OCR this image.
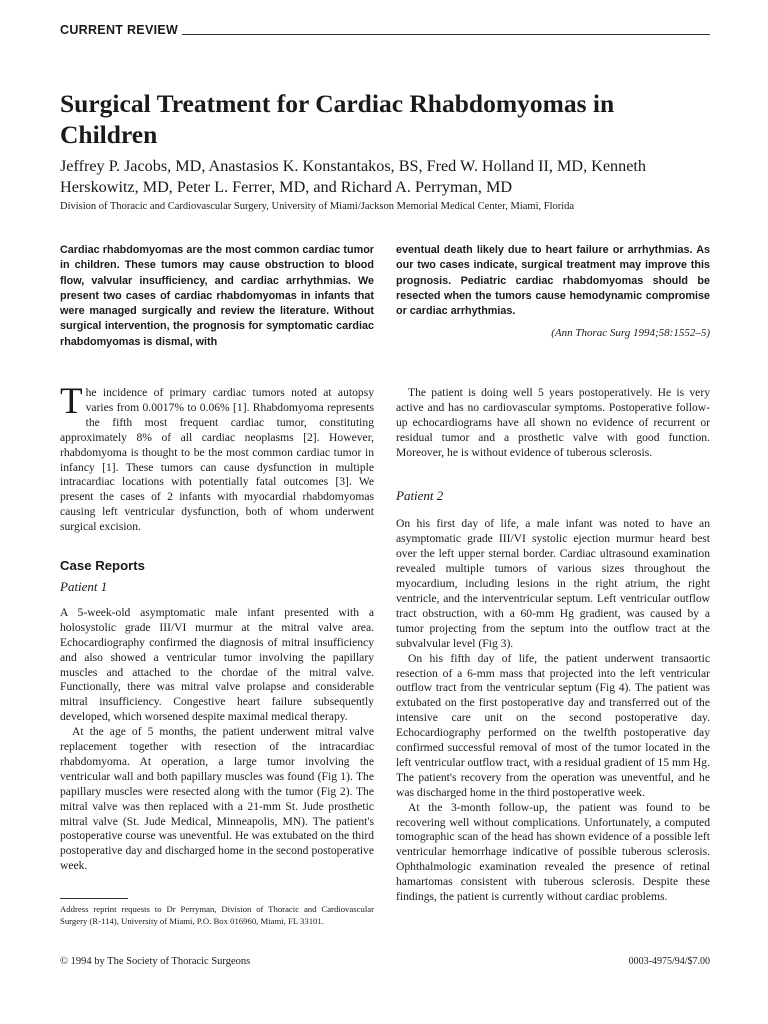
CURRENT REVIEW
Surgical Treatment for Cardiac Rhabdomyomas in Children
Jeffrey P. Jacobs, MD, Anastasios K. Konstantakos, BS, Fred W. Holland II, MD, Kenneth Herskowitz, MD, Peter L. Ferrer, MD, and Richard A. Perryman, MD
Division of Thoracic and Cardiovascular Surgery, University of Miami/Jackson Memorial Medical Center, Miami, Florida
Cardiac rhabdomyomas are the most common cardiac tumor in children. These tumors may cause obstruction to blood flow, valvular insufficiency, and cardiac arrhythmias. We present two cases of cardiac rhabdomyomas in infants that were managed surgically and review the literature. Without surgical intervention, the prognosis for symptomatic cardiac rhabdomyomas is dismal, with
eventual death likely due to heart failure or arrhythmias. As our two cases indicate, surgical treatment may improve this prognosis. Pediatric cardiac rhabdomyomas should be resected when the tumors cause hemodynamic compromise or cardiac arrhythmias.
(Ann Thorac Surg 1994;58:1552–5)

The incidence of primary cardiac tumors noted at autopsy varies from 0.0017% to 0.06% [1]. Rhabdomyoma represents the fifth most frequent cardiac tumor, constituting approximately 8% of all cardiac neoplasms [2]. However, rhabdomyoma is thought to be the most common cardiac tumor in infancy [1]. These tumors can cause dysfunction in multiple intracardiac locations with potentially fatal outcomes [3]. We present the cases of 2 infants with myocardial rhabdomyomas causing left ventricular dysfunction, both of whom underwent surgical excision.

Case Reports
Patient 1

A 5-week-old asymptomatic male infant presented with a holosystolic grade III/VI murmur at the mitral valve area. Echocardiography confirmed the diagnosis of mitral insufficiency and also showed a ventricular tumor involving the papillary muscles and attached to the chordae of the mitral valve. Functionally, there was mitral valve prolapse and considerable mitral insufficiency. Congestive heart failure subsequently developed, which worsened despite maximal medical therapy.

At the age of 5 months, the patient underwent mitral valve replacement together with resection of the intracardiac rhabdomyoma. At operation, a large tumor involving the ventricular wall and both papillary muscles was found (Fig 1). The papillary muscles were resected along with the tumor (Fig 2). The mitral valve was then replaced with a 21-mm St. Jude prosthetic mitral valve (St. Jude Medical, Minneapolis, MN). The patient's postoperative course was uneventful. He was extubated on the third postoperative day and discharged home in the second postoperative week.

The patient is doing well 5 years postoperatively. He is very active and has no cardiovascular symptoms. Postoperative follow-up echocardiograms have all shown no evidence of recurrent or residual tumor and a prosthetic valve with good function. Moreover, he is without evidence of tuberous sclerosis.

Patient 2

On his first day of life, a male infant was noted to have an asymptomatic grade III/VI systolic ejection murmur heard best over the left upper sternal border. Cardiac ultrasound examination revealed multiple tumors of various sizes throughout the myocardium, including lesions in the right atrium, the right ventricle, and the interventricular septum. Left ventricular outflow tract obstruction, with a 60-mm Hg gradient, was caused by a tumor projecting from the septum into the outflow tract at the subvalvular level (Fig 3).

On his fifth day of life, the patient underwent transaortic resection of a 6-mm mass that projected into the left ventricular outflow tract from the ventricular septum (Fig 4). The patient was extubated on the first postoperative day and transferred out of the intensive care unit on the second postoperative day. Echocardiography performed on the twelfth postoperative day confirmed successful removal of most of the tumor located in the left ventricular outflow tract, with a residual gradient of 15 mm Hg. The patient's recovery from the operation was uneventful, and he was discharged home in the third postoperative week.

At the 3-month follow-up, the patient was found to be recovering well without complications. Unfortunately, a computed tomographic scan of the head has shown evidence of a possible left ventricular hemorrhage indicative of possible tuberous sclerosis. Ophthalmologic examination revealed the presence of retinal hamartomas consistent with tuberous sclerosis. Despite these findings, the patient is currently without cardiac problems.

Address reprint requests to Dr Perryman, Division of Thoracic and Cardiovascular Surgery (R-114), University of Miami, P.O. Box 016960, Miami, FL 33101.
© 1994 by The Society of Thoracic Surgeons	0003-4975/94/$7.00
